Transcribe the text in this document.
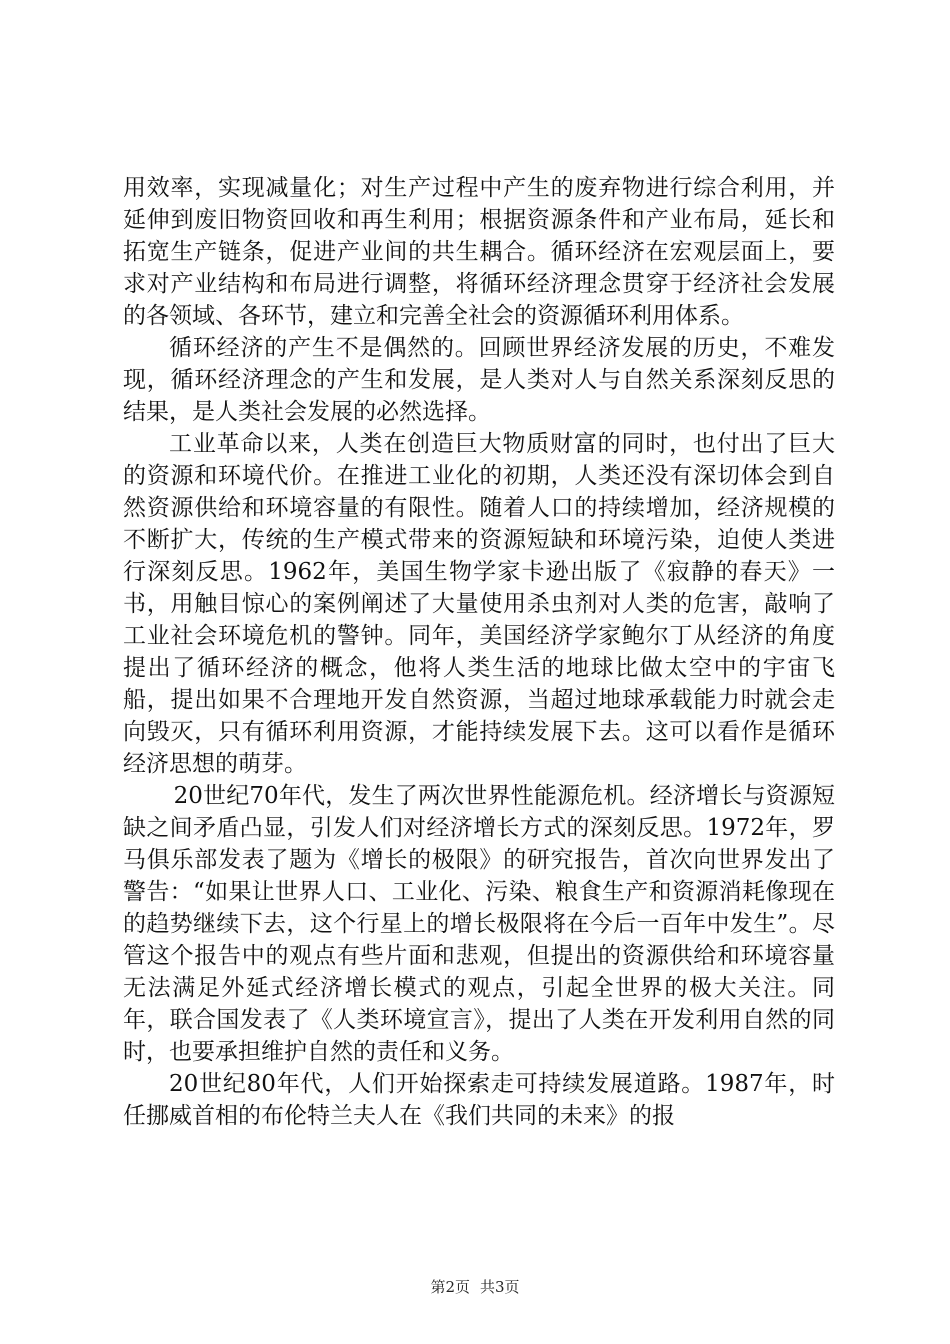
用效率，实现减量化；对生产过程中产生的废弃物进行综合利用，并延伸到废旧物资回收和再生利用；根据资源条件和产业布局，延长和拓宽生产链条，促进产业间的共生耦合。循环经济在宏观层面上，要求对产业结构和布局进行调整，将循环经济理念贯穿于经济社会发展的各领域、各环节，建立和完善全社会的资源循环利用体系。

循环经济的产生不是偶然的。回顾世界经济发展的历史，不难发现，循环经济理念的产生和发展，是人类对人与自然关系深刻反思的结果，是人类社会发展的必然选择。

工业革命以来，人类在创造巨大物质财富的同时，也付出了巨大的资源和环境代价。在推进工业化的初期，人类还没有深切体会到自然资源供给和环境容量的有限性。随着人口的持续增加，经济规模的不断扩大，传统的生产模式带来的资源短缺和环境污染，迫使人类进行深刻反思。1962年，美国生物学家卡逊出版了《寂静的春天》一书，用触目惊心的案例阐述了大量使用杀虫剂对人类的危害，敲响了工业社会环境危机的警钟。同年，美国经济学家鲍尔丁从经济的角度提出了循环经济的概念，他将人类生活的地球比做太空中的宇宙飞船，提出如果不合理地开发自然资源，当超过地球承载能力时就会走向毁灭，只有循环利用资源，才能持续发展下去。这可以看作是循环经济思想的萌芽。

20世纪70年代，发生了两次世界性能源危机。经济增长与资源短缺之间矛盾凸显，引发人们对经济增长方式的深刻反思。1972年，罗马俱乐部发表了题为《增长的极限》的研究报告，首次向世界发出了警告：“如果让世界人口、工业化、污染、粮食生产和资源消耗像现在的趋势继续下去，这个行星上的增长极限将在今后一百年中发生”。尽管这个报告中的观点有些片面和悲观，但提出的资源供给和环境容量无法满足外延式经济增长模式的观点，引起全世界的极大关注。同年，联合国发表了《人类环境宣言》，提出了人类在开发利用自然的同时，也要承担维护自然的责任和义务。

20世纪80年代，人们开始探索走可持续发展道路。1987年，时任挪威首相的布伦特兰夫人在《我们共同的未来》的报

第2页 共3页
